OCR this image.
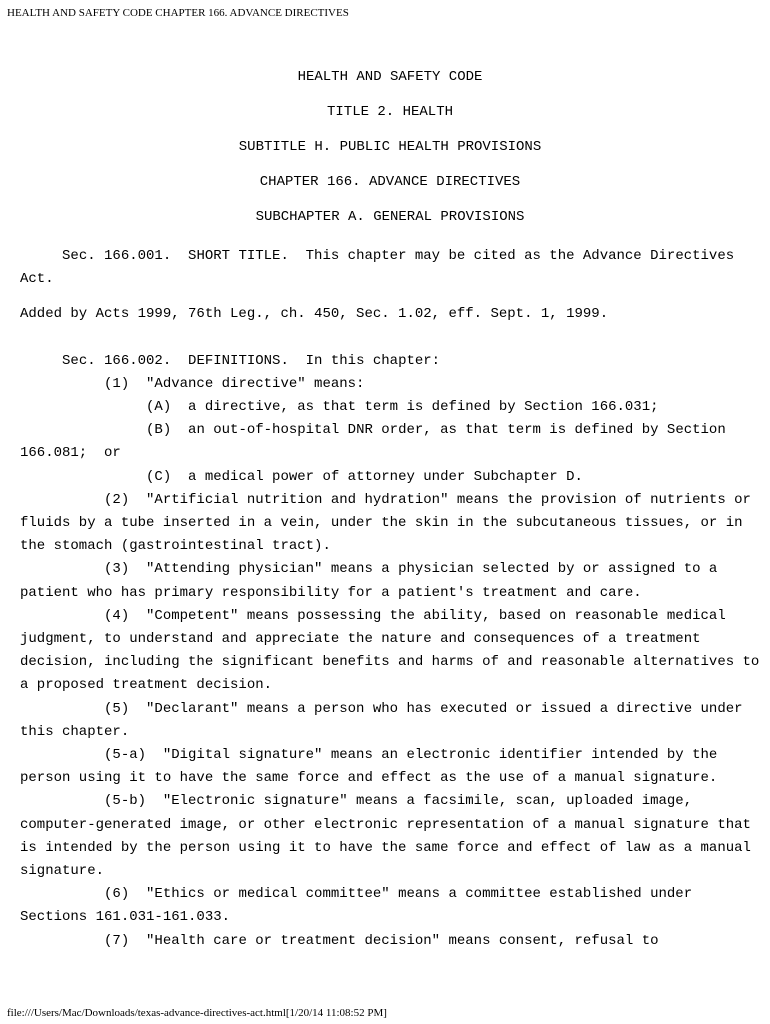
HEALTH AND SAFETY CODE CHAPTER 166. ADVANCE DIRECTIVES
HEALTH AND SAFETY CODE
TITLE 2. HEALTH
SUBTITLE H. PUBLIC HEALTH PROVISIONS
CHAPTER 166. ADVANCE DIRECTIVES
SUBCHAPTER A. GENERAL PROVISIONS
Sec. 166.001.  SHORT TITLE.  This chapter may be cited as the Advance Directives Act.
Added by Acts 1999, 76th Leg., ch. 450, Sec. 1.02, eff. Sept. 1, 1999.
Sec. 166.002.  DEFINITIONS.  In this chapter:
(1)  "Advance directive" means:
(A)  a directive, as that term is defined by Section 166.031;
(B)  an out-of-hospital DNR order, as that term is defined by Section 166.081;  or
(C)  a medical power of attorney under Subchapter D.
(2)  "Artificial nutrition and hydration" means the provision of nutrients or fluids by a tube inserted in a vein, under the skin in the subcutaneous tissues, or in the stomach (gastrointestinal tract).
(3)  "Attending physician" means a physician selected by or assigned to a patient who has primary responsibility for a patient's treatment and care.
(4)  "Competent" means possessing the ability, based on reasonable medical judgment, to understand and appreciate the nature and consequences of a treatment decision, including the significant benefits and harms of and reasonable alternatives to a proposed treatment decision.
(5)  "Declarant" means a person who has executed or issued a directive under this chapter.
(5-a)  "Digital signature" means an electronic identifier intended by the person using it to have the same force and effect as the use of a manual signature.
(5-b)  "Electronic signature" means a facsimile, scan, uploaded image, computer-generated image, or other electronic representation of a manual signature that is intended by the person using it to have the same force and effect of law as a manual signature.
(6)  "Ethics or medical committee" means a committee established under Sections 161.031-161.033.
(7)  "Health care or treatment decision" means consent, refusal to
file:///Users/Mac/Downloads/texas-advance-directives-act.html[1/20/14 11:08:52 PM]
